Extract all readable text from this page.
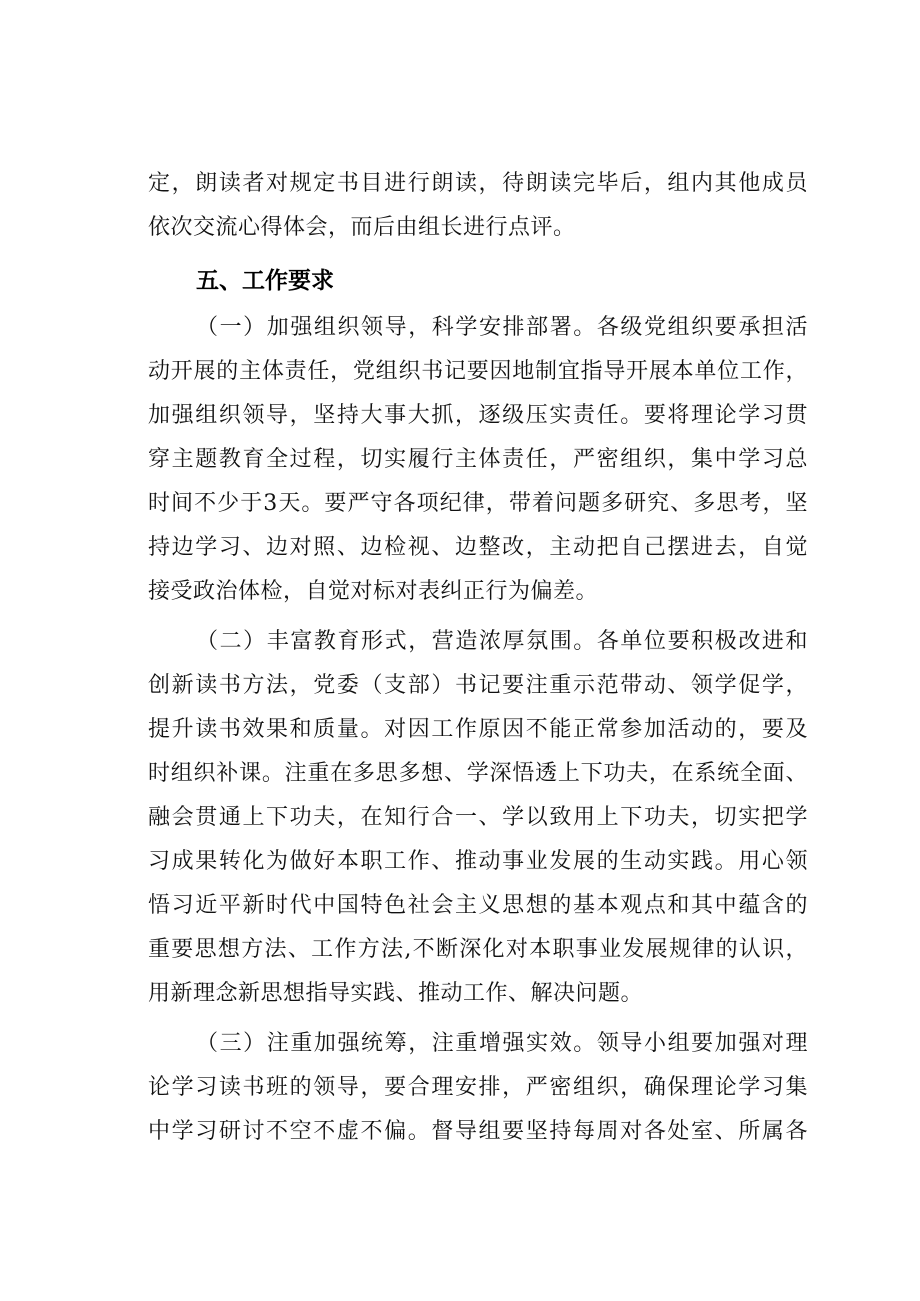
定，朗读者对规定书目进行朗读，待朗读完毕后，组内其他成员
依次交流心得体会，而后由组长进行点评。
五、工作要求
（一）加强组织领导，科学安排部署。各级党组织要承担活
动开展的主体责任，党组织书记要因地制宜指导开展本单位工作，
加强组织领导，坚持大事大抓，逐级压实责任。要将理论学习贯
穿主题教育全过程，切实履行主体责任，严密组织，集中学习总
时间不少于3天。要严守各项纪律，带着问题多研究、多思考，坚
持边学习、边对照、边检视、边整改，主动把自己摆进去，自觉
接受政治体检，自觉对标对表纠正行为偏差。
（二）丰富教育形式，营造浓厚氛围。各单位要积极改进和
创新读书方法，党委（支部）书记要注重示范带动、领学促学，
提升读书效果和质量。对因工作原因不能正常参加活动的，要及
时组织补课。注重在多思多想、学深悟透上下功夫，在系统全面、
融会贯通上下功夫，在知行合一、学以致用上下功夫，切实把学
习成果转化为做好本职工作、推动事业发展的生动实践。用心领
悟习近平新时代中国特色社会主义思想的基本观点和其中蕴含的
重要思想方法、工作方法,不断深化对本职事业发展规律的认识，
用新理念新思想指导实践、推动工作、解决问题。
（三）注重加强统筹，注重增强实效。领导小组要加强对理
论学习读书班的领导，要合理安排，严密组织，确保理论学习集
中学习研讨不空不虚不偏。督导组要坚持每周对各处室、所属各
